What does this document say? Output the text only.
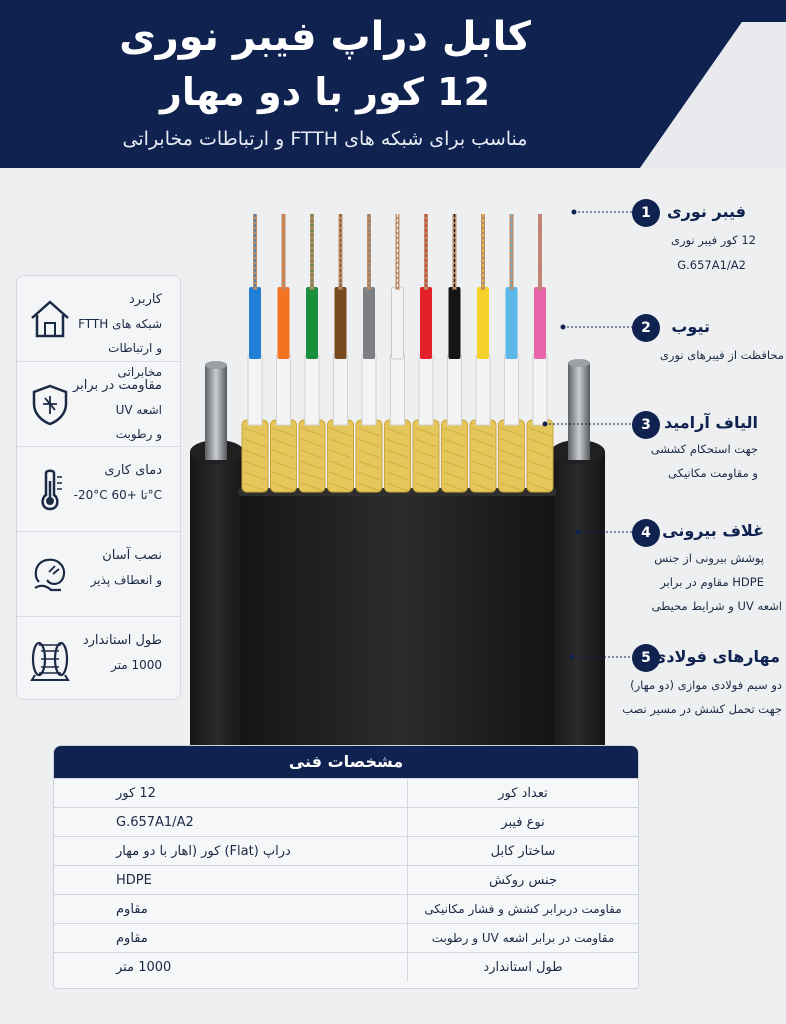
کابل دراپ فیبر نوری
12 کور با دو مهار
مناسب برای شبکه های FTTH و ارتباطات مخابراتی
کاربرد
شبکه های FTTH
و ارتباطات مخابراتی
مقاومت در برابر
اشعه UV
و رطوبت
دمای کاری
-20°C تا +60°C
نصب آسان
و انعطاف پذیر
طول استاندارد
1000 متر
1	فیبر نوری
12 کور فیبر نوری
G.657A1/A2
2	تیوب
محافظت از فیبرهای نوری
3 الیاف آرامید
جهت استحکام کششی
و مقاومت مکانیکی
4 غلاف بیرونی
پوشش بیرونی از جنس
HDPE مقاوم در برابر
اشعه UV و شرایط محیطی
5 مهارهای فولادی
دو سیم فولادی موازی (دو مهار)
جهت تحمل کشش در مسیر نصب
مشخصات فنی
12 کور	تعداد کور
G.657A1/A2	نوع فیبر
دراپ (Flat) کور (اهار با دو مهار	ساختار کابل
HDPE	جنس روکش
مقاوم	مقاومت دربرابر کشش و فشار مکانیکی
مقاوم	مقاومت در برابر اشعه UV و رطوبت
1000 متر	طول استاندارد
